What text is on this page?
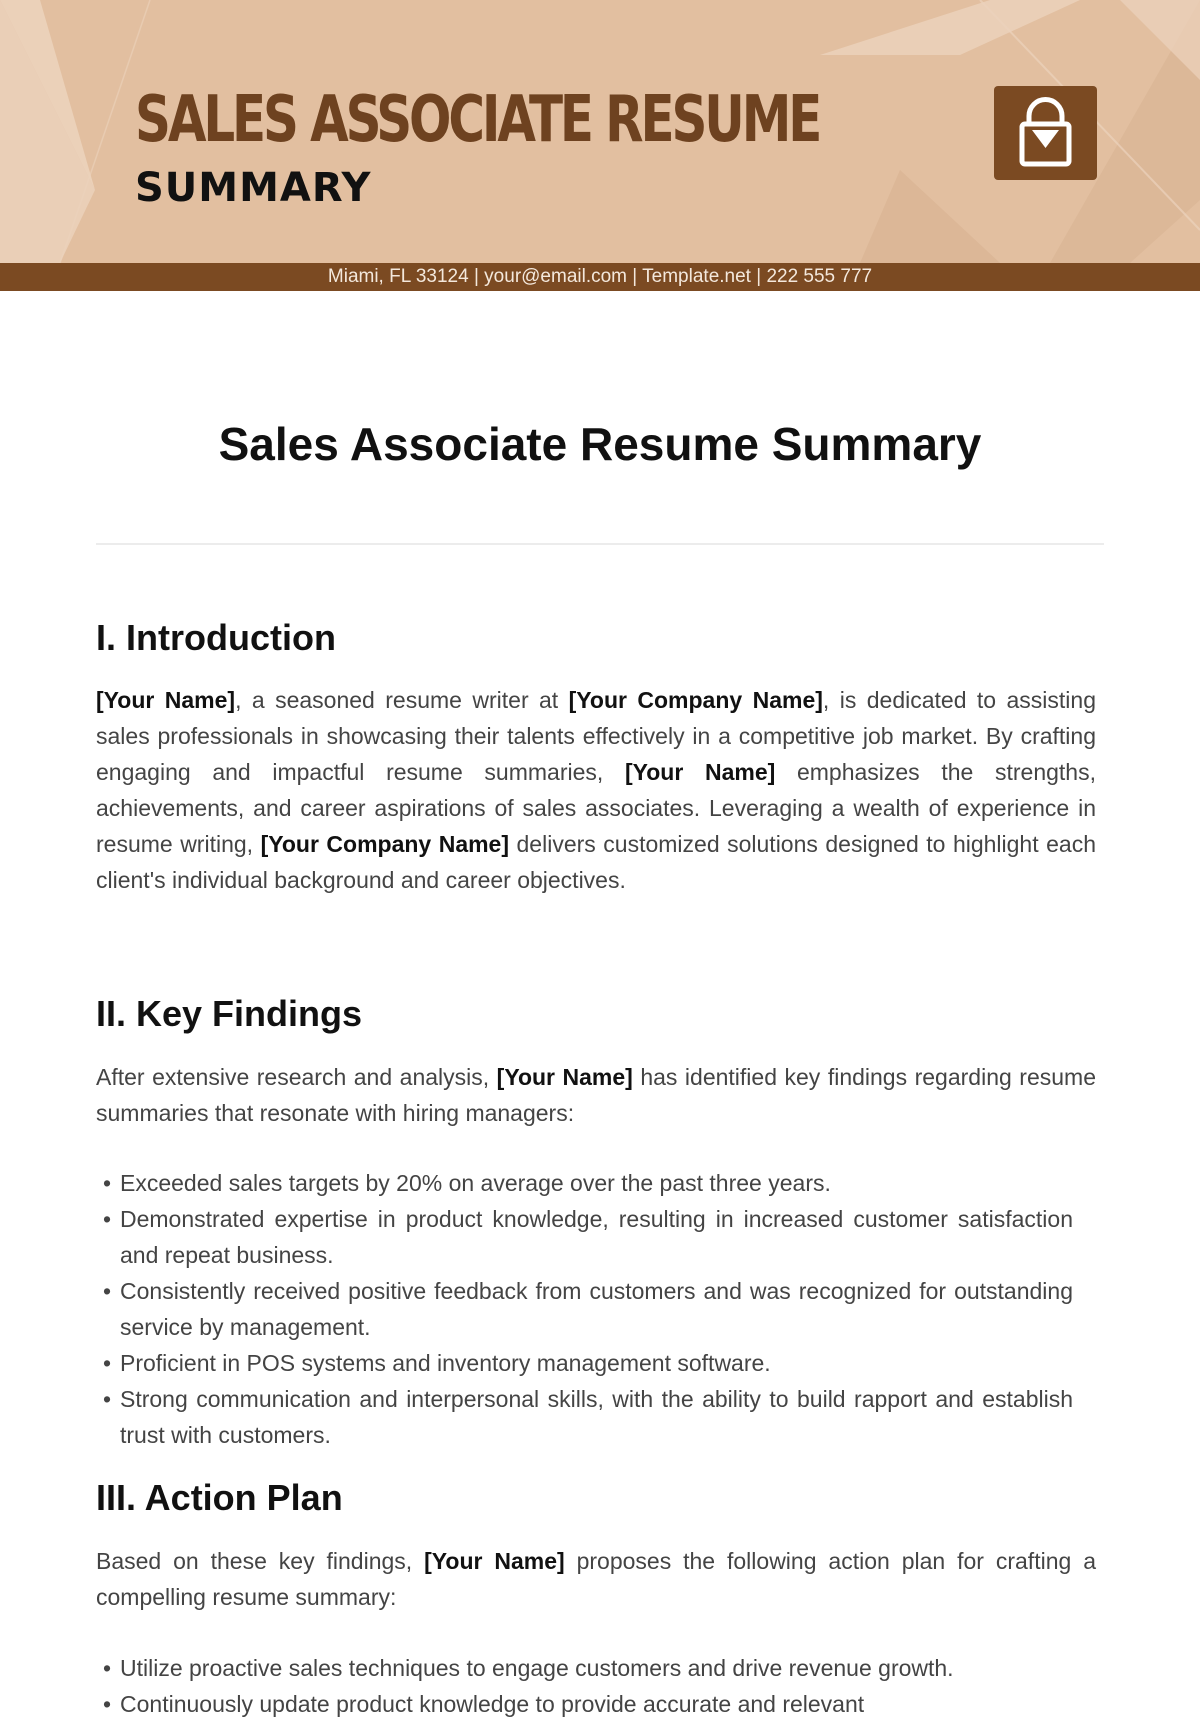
SALES ASSOCIATE RESUME
SUMMARY
Miami, FL 33124 | your@email.com | Template.net | 222 555 777
Sales Associate Resume Summary
I. Introduction

[Your Name], a seasoned resume writer at [Your Company Name], is dedicated to assisting sales professionals in showcasing their talents effectively in a competitive job market. By crafting engaging and impactful resume summaries, [Your Name] emphasizes the strengths, achievements, and career aspirations of sales associates. Leveraging a wealth of experience in resume writing, [Your Company Name] delivers customized solutions designed to highlight each client's individual background and career objectives.

II. Key Findings

After extensive research and analysis, [Your Name] has identified key findings regarding resume summaries that resonate with hiring managers:

• Exceeded sales targets by 20% on average over the past three years.
• Demonstrated expertise in product knowledge, resulting in increased customer satisfaction and repeat business.
• Consistently received positive feedback from customers and was recognized for outstanding service by management.
• Proficient in POS systems and inventory management software.
• Strong communication and interpersonal skills, with the ability to build rapport and establish trust with customers.
III. Action Plan

Based on these key findings, [Your Name] proposes the following action plan for crafting a compelling resume summary:

• Utilize proactive sales techniques to engage customers and drive revenue growth.
• Continuously update product knowledge to provide accurate and relevant
